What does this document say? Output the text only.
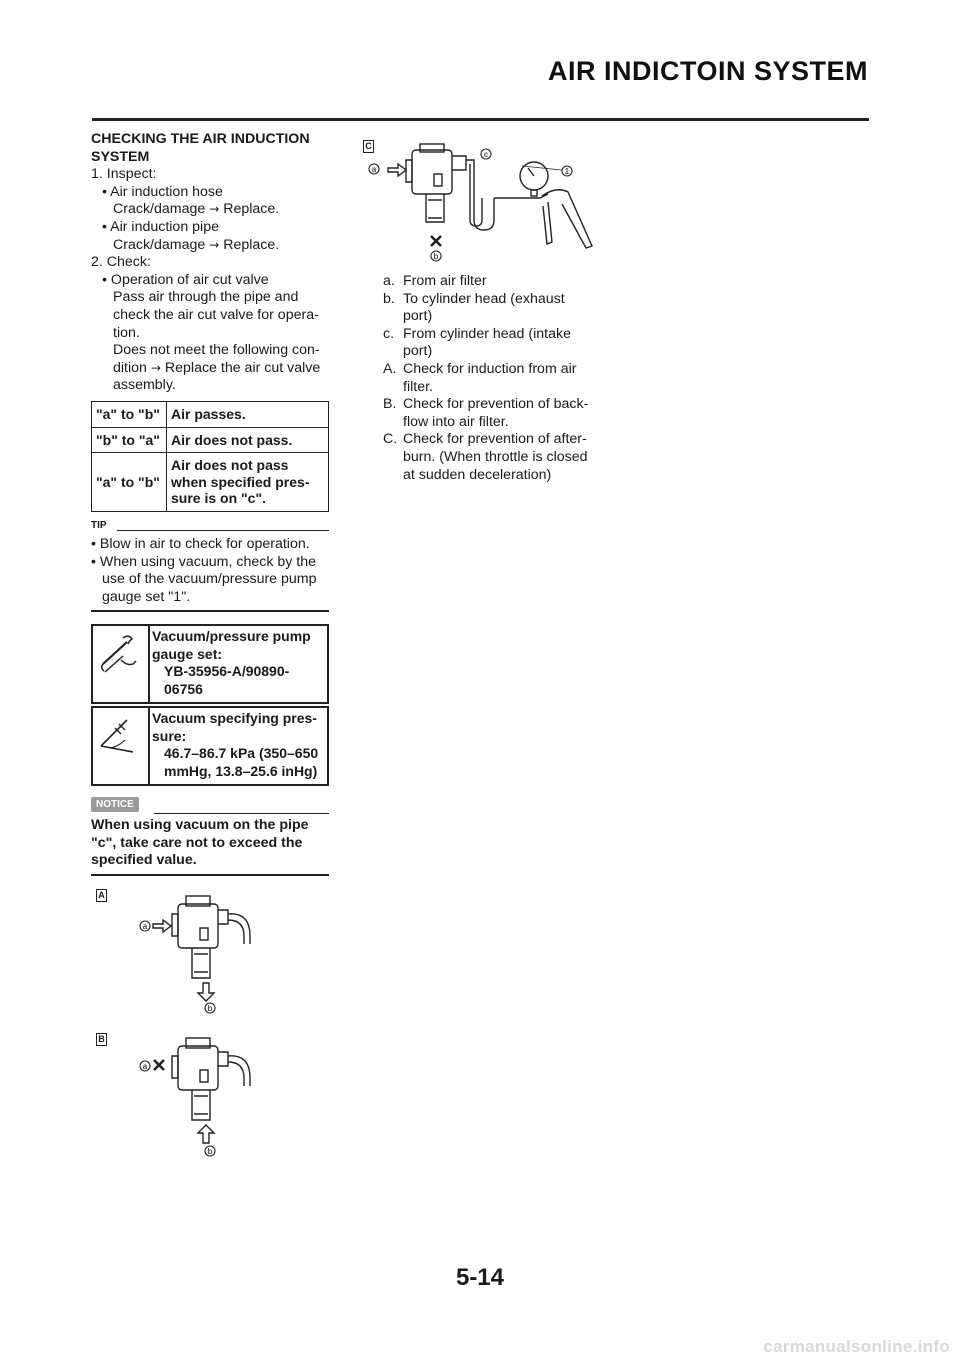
AIR INDICTOIN SYSTEM
CHECKING THE AIR INDUCTION
SYSTEM
1. Inspect:
• Air induction hose
Crack/damage → Replace.
• Air induction pipe
Crack/damage → Replace.
2. Check:
• Operation of air cut valve
Pass air through the pipe and
check the air cut valve for opera-
tion.
Does not meet the following con-
dition → Replace the air cut valve
assembly.
"a" to "b"	Air passes.
"b" to "a"	Air does not pass.
"a" to "b"	Air does not pass
when specified pres-
sure is on "c".
TIP
• Blow in air to check for operation.
• When using vacuum, check by the
use of the vacuum/pressure pump
gauge set "1".
Vacuum/pressure pump
gauge set:
YB-35956-A/90890-
06756
Vacuum specifying pres-
sure:
46.7–86.7 kPa (350–650
mmHg, 13.8–25.6 inHg)
NOTICE
When using vacuum on the pipe
"c", take care not to exceed the
specified value.
A
a
b
B
a
b
C
a
c
1
b
a. From air filter
b. To cylinder head (exhaust
port)
c. From cylinder head (intake
port)
A. Check for induction from air
filter.
B. Check for prevention of back-
flow into air filter.
C. Check for prevention of after-
burn. (When throttle is closed
at sudden deceleration)
5-14
carmanualsonline.info
